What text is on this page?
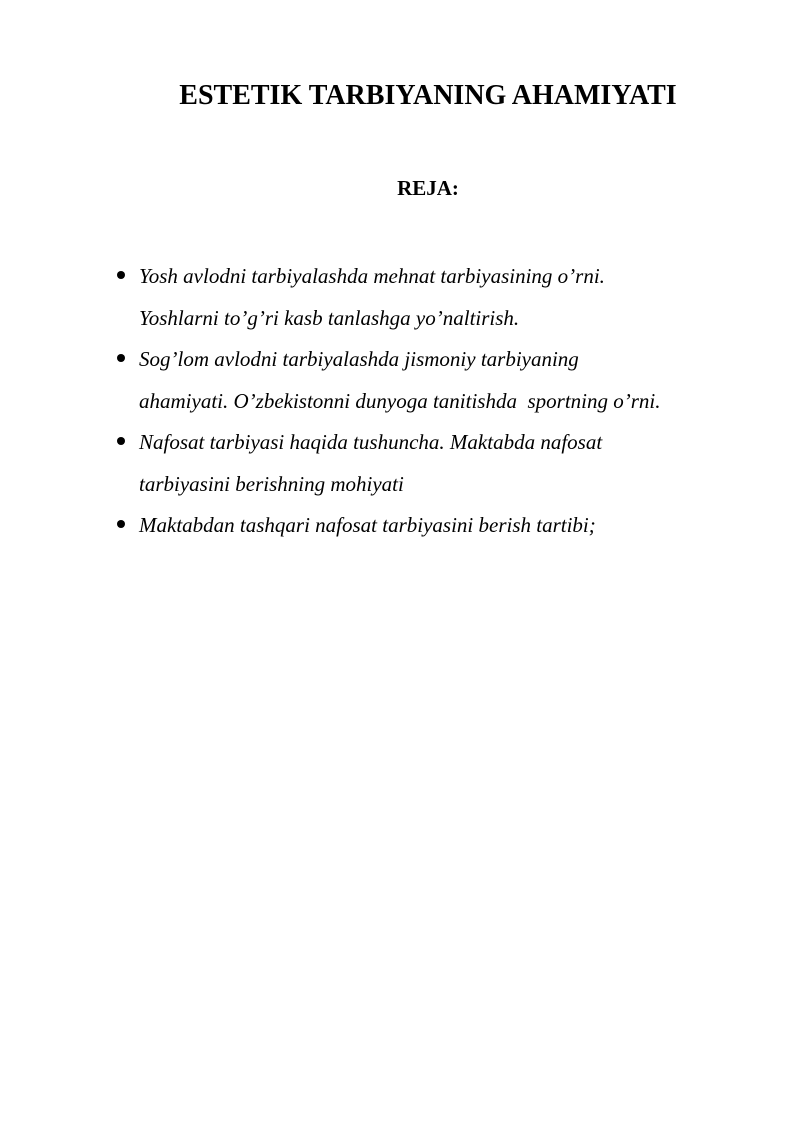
ESTETIK TARBIYANING AHAMIYATI
REJA:
Yosh avlodni tarbiyalashda mehnat tarbiyasining o’rni.
Yoshlarni to’g’ri kasb tanlashga yo’naltirish.
Sog’lom avlodni tarbiyalashda jismoniy tarbiyaning
ahamiyati. O’zbekistonni dunyoga tanitishda  sportning o’rni.
Nafosat tarbiyasi haqida tushuncha. Maktabda nafosat
tarbiyasini berishning mohiyati
Maktabdan tashqari nafosat tarbiyasini berish tartibi;
